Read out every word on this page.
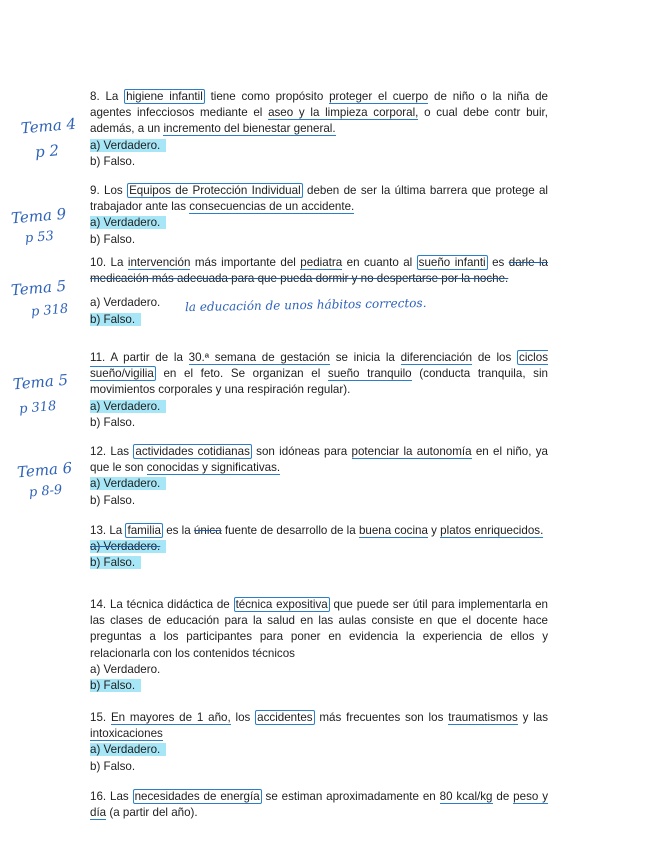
Tema 4
p 2
Tema 9
p 53
Tema 5
p 318
Tema 5
p 318
Tema 6
p 8-9
la educación de unos hábitos correctos.

8. La higiene infantil tiene como propósito proteger el cuerpo de niño o la niña de agentes infecciosos mediante el aseo y la limpieza corporal, o cual debe contr buir, además, a un incremento del bienestar general.

a) Verdadero.
b) Falso.

9. Los Equipos de Protección Individual deben de ser la última barrera que protege al trabajador ante las consecuencias de un accidente.

a) Verdadero.
b) Falso.

10. La intervención más importante del pediatra en cuanto al sueño infanti es darle la medicación más adecuada para que pueda dormir y no despertarse por la noche.

a) Verdadero.
b) Falso.

11. A partir de la 30.ª semana de gestación se inicia la diferenciación de los ciclos sueño/vigilia en el feto. Se organizan el sueño tranquilo (conducta tranquila, sin movimientos corporales y una respiración regular).

a) Verdadero.
b) Falso.

12. Las actividades cotidianas son idóneas para potenciar la autonomía en el niño, ya que le son conocidas y significativas.

a) Verdadero.
b) Falso.

13. La familia es la única fuente de desarrollo de la buena cocina y platos enriquecidos.

a) Verdadero.
b) Falso.

14. La técnica didáctica de técnica expositiva que puede ser útil para implementarla en las clases de educación para la salud en las aulas consiste en que el docente hace preguntas a los participantes para poner en evidencia la experiencia de ellos y relacionarla con los contenidos técnicos

a) Verdadero.
b) Falso.

15. En mayores de 1 año, los accidentes más frecuentes son los traumatismos y las intoxicaciones

a) Verdadero.
b) Falso.

16. Las necesidades de energía se estiman aproximadamente en 80 kcal/kg de peso y día (a partir del año).
